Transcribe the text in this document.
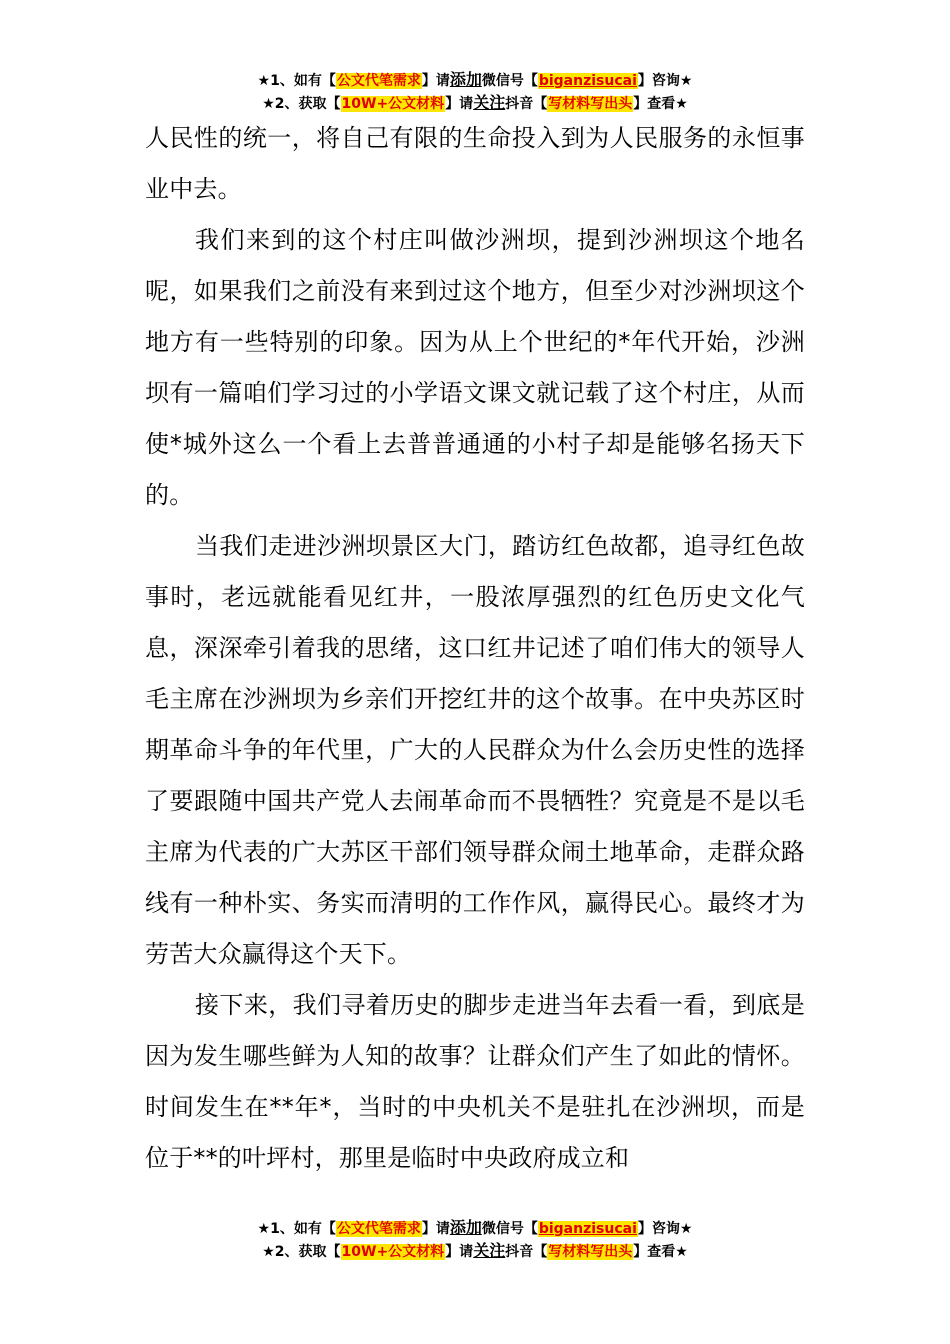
★1、如有【公文代笔需求】请添加微信号【biganzisucai】咨询★
★2、获取【10W+公文材料】请关注抖音【写材料写出头】查看★

人民性的统一，将自己有限的生命投入到为人民服务的永恒事业中去。

我们来到的这个村庄叫做沙洲坝，提到沙洲坝这个地名呢，如果我们之前没有来到过这个地方，但至少对沙洲坝这个地方有一些特别的印象。因为从上个世纪的*年代开始，沙洲坝有一篇咱们学习过的小学语文课文就记载了这个村庄，从而使*城外这么一个看上去普普通通的小村子却是能够名扬天下的。

当我们走进沙洲坝景区大门，踏访红色故都，追寻红色故事时，老远就能看见红井，一股浓厚强烈的红色历史文化气息，深深牵引着我的思绪，这口红井记述了咱们伟大的领导人毛主席在沙洲坝为乡亲们开挖红井的这个故事。在中央苏区时期革命斗争的年代里，广大的人民群众为什么会历史性的选择了要跟随中国共产党人去闹革命而不畏牺牲？究竟是不是以毛主席为代表的广大苏区干部们领导群众闹土地革命，走群众路线有一种朴实、务实而清明的工作作风，赢得民心。最终才为劳苦大众赢得这个天下。

接下来，我们寻着历史的脚步走进当年去看一看，到底是因为发生哪些鲜为人知的故事？让群众们产生了如此的情怀。时间发生在**年*，当时的中央机关不是驻扎在沙洲坝，而是位于**的叶坪村，那里是临时中央政府成立和

★1、如有【公文代笔需求】请添加微信号【biganzisucai】咨询★
★2、获取【10W+公文材料】请关注抖音【写材料写出头】查看★
